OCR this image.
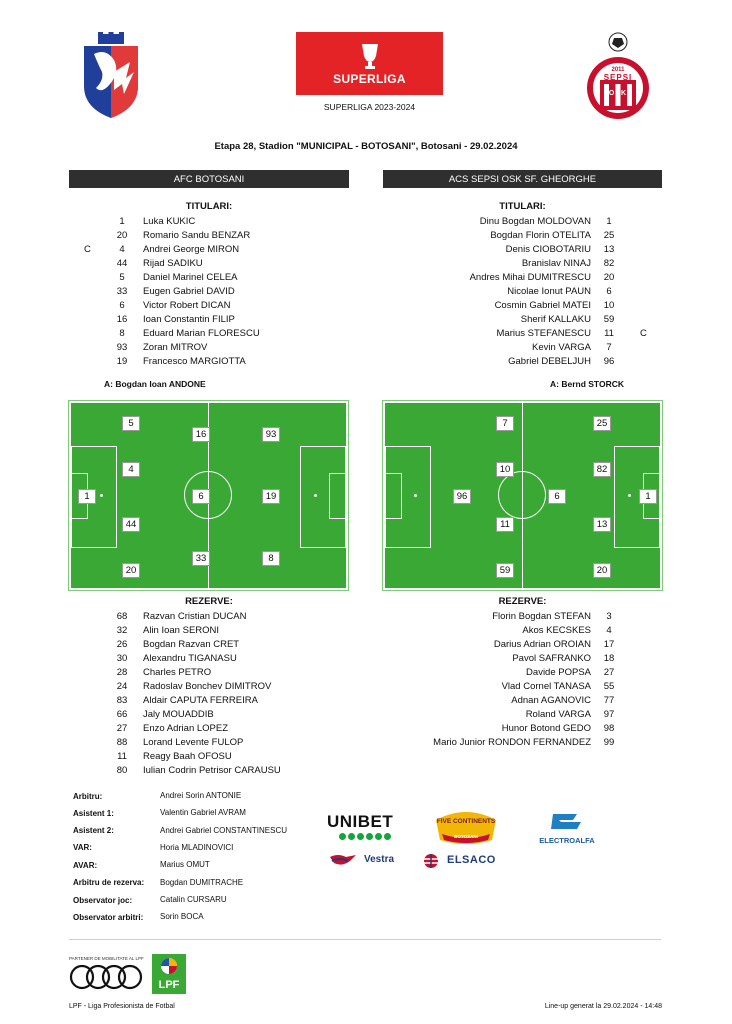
SUPERLIGA
SUPERLIGA 2023-2024
2011
SEPSI
OSK
Etapa 28, Stadion "MUNICIPAL - BOTOSANI", Botosani - 29.02.2024
AFC BOTOSANI	ACS SEPSI OSK SF. GHEORGHE
TITULARI:	TITULARI:
1	Luka KUKIC
20	Romario Sandu BENZAR
C	4	Andrei George MIRON
44	Rijad SADIKU
5	Daniel Marinel CELEA
33	Eugen Gabriel DAVID
6	Victor Robert DICAN
16	Ioan Constantin FILIP
8	Eduard Marian FLORESCU
93	Zoran MITROV
19	Francesco MARGIOTTA
Dinu Bogdan MOLDOVAN	1
Bogdan Florin OTELITA	25
Denis CIOBOTARIU	13
Branislav NINAJ	82
Andres Mihai DUMITRESCU	20
Nicolae Ionut PAUN	6
Cosmin Gabriel MATEI	10
Sherif KALLAKU	59
Marius STEFANESCU	11	C
Kevin VARGA	7
Gabriel DEBELJUH	96
A: Bogdan Ioan ANDONE	A: Bernd STORCK
5
16	93
4
1	6	19
44
33	8
20
7	25
10	82
96	6	1
11	13
59	20
REZERVE:	REZERVE:
68	Razvan Cristian DUCAN
32	Alin Ioan SERONI
26	Bogdan Razvan CRET
30	Alexandru TIGANASU
28	Charles PETRO
24	Radoslav Bonchev DIMITROV
83	Aldair CAPUTA FERREIRA
66	Jaly MOUADDIB
27	Enzo Adrian LOPEZ
88	Lorand Levente FULOP
11	Reagy Baah OFOSU
80	Iulian Codrin Petrisor CARAUSU
Florin Bogdan STEFAN	3
Akos KECSKES	4
Darius Adrian OROIAN	17
Pavol SAFRANKO	18
Davide POPSA	27
Vlad Cornel TANASA	55
Adnan AGANOVIC	77
Roland VARGA	97
Hunor Botond GEDO	98
Mario Junior RONDON FERNANDEZ	99
Arbitru:	Andrei Sorin ANTONIE
Asistent 1:	Valentin Gabriel AVRAM
Asistent 2:	Andrei Gabriel CONSTANTINESCU
VAR:	Horia MLADINOVICI
AVAR:	Marius OMUT
Arbitru de rezerva: Bogdan DUMITRACHE
Observator joc:	Catalin CURSARU
Observator arbitri: Sorin BOCA
UNIBET	FIVE CONTINENTS
BOTOSANI	ELECTROALFA
Vestra	ELSACO
PARTENER DE MOBILITATE AL LPF
LPF
LPF - Liga Profesionista de Fotbal	Line-up generat la 29.02.2024 - 14:48
